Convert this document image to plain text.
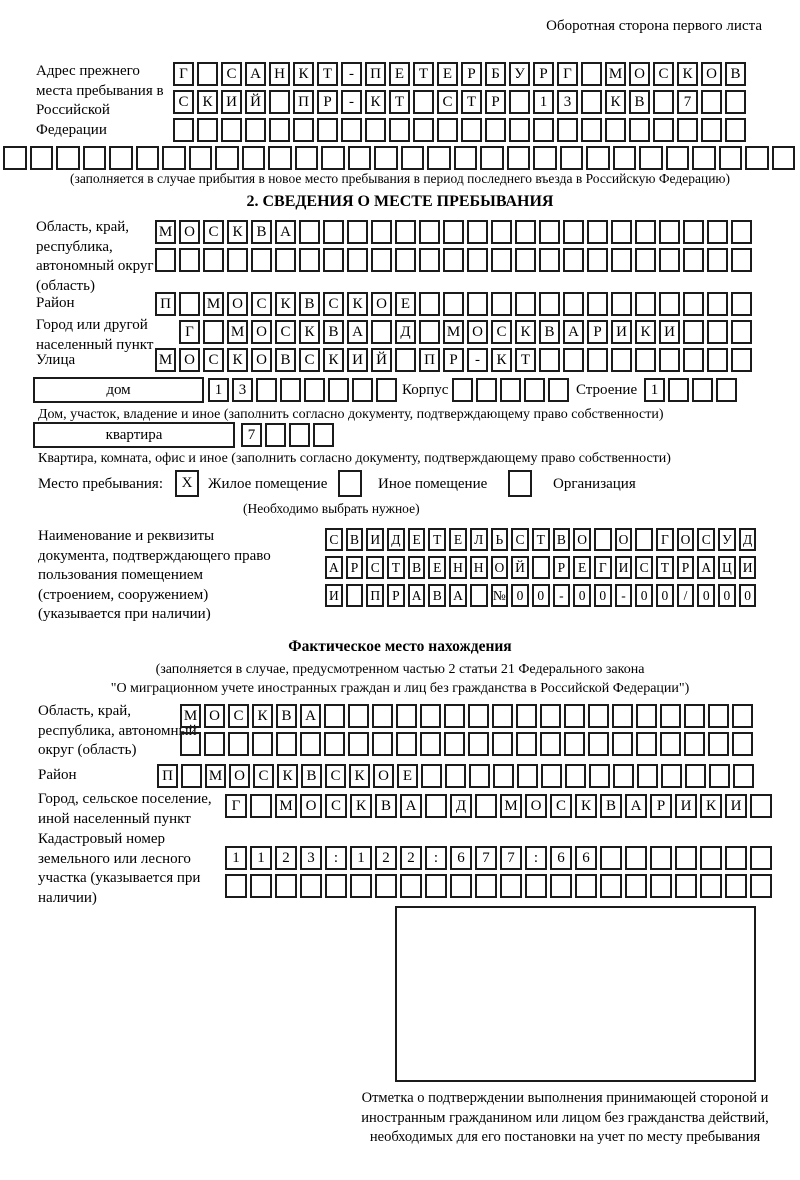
Оборотная сторона первого листа
Адрес прежнего места пребывания в Российской Федерации
Г	С А Н К Т	-	П Е Т Е	Р	Б У Р	Г	М О С К О В
С К И Й	П Р	-	К Т	С Т	Р	1	3	К В	7
(заполняется в случае прибытия в новое место пребывания в период последнего въезда в Российскую Федерацию)
2. СВЕДЕНИЯ О МЕСТЕ ПРЕБЫВАНИЯ
Область, край, республика, автономный округ (область)
М О С К В А
Район	П	М О С К В С К О Е
Город или другой населенный пункт
Г	М О С К В А	Д	М О С К В А Р И К И
Улица	М О С К О В С К И Й	П Р	-	К Т
дом	1	3	Корпус	Строение 1
Дом, участок, владение и иное (заполнить согласно документу, подтверждающему право собственности)
квартира	7
Квартира, комната, офис и иное (заполнить согласно документу, подтверждающему право собственности)
Место пребывания:	X	Жилое помещение	Иное помещение	Организация
(Необходимо выбрать нужное)
Наименование и реквизиты документа, подтверждающего право пользования помещением (строением, сооружением) (указывается при наличии)
С В И Д Е Т Е Л Ь С Т В О О	Г О С У Д
А Р С Т В Е Н Н О Й	Р Е Г И С Т Р А Ц И
И П Р А В А № 0	0	-	0	0	-	0	0	/	0	0	0
Фактическое место нахождения
(заполняется в случае, предусмотренном частью 2 статьи 21 Федерального закона
"О миграционном учете иностранных граждан и лиц без гражданства в Российской Федерации")
Область, край, республика, автономный округ (область)
М О С К В А
Район	П	М О С К В С К О Е
Город, сельское поселение, иной населенный пункт
Г	М О С К В А	Д	М О С К В А	Р	И К И
Кадастровый номер земельного или лесного участка (указывается при наличии)
1	1	2	3	:	1	2	2	:	6	7	7	:	6	6
Отметка о подтверждении выполнения принимающей стороной и иностранным гражданином или лицом без гражданства действий, необходимых для его постановки на учет по месту пребывания
